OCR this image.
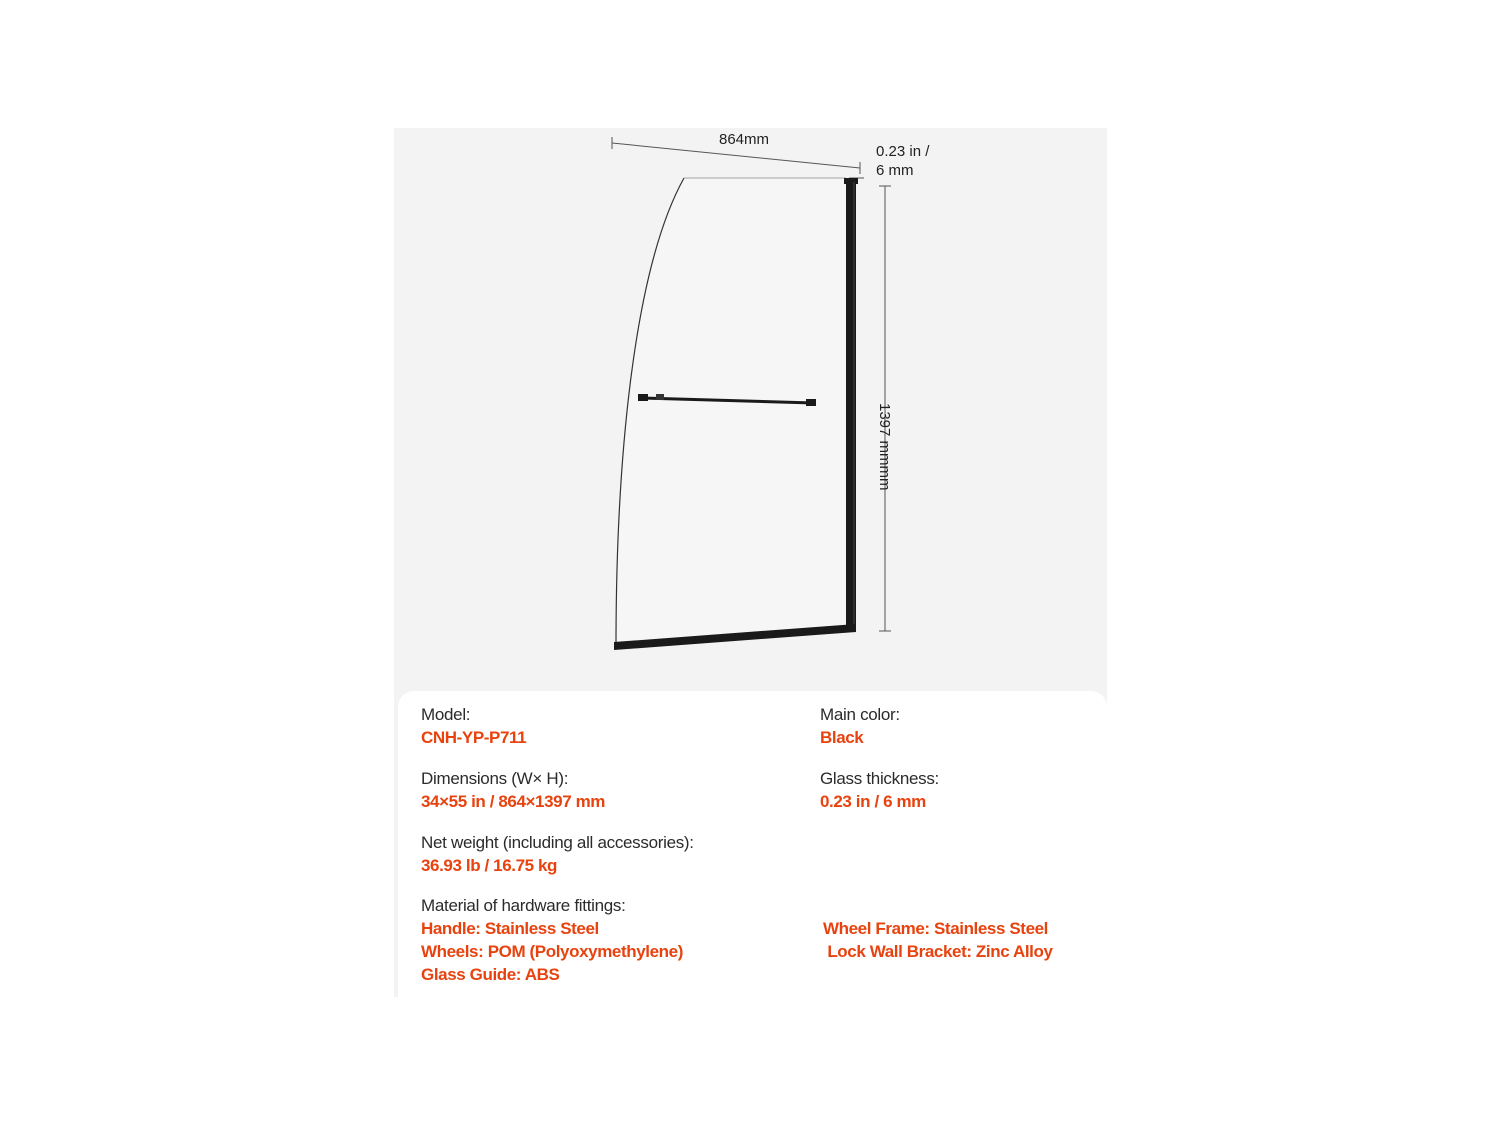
864mm
0.23 in /
6 mm
1397 mmmm
Model:
CNH-YP-P711
Main color:
Black
Dimensions (W× H):
34×55 in / 864×1397 mm
Glass thickness:
0.23 in / 6 mm
Net weight (including all accessories):
36.93 lb / 16.75 kg
Material of hardware fittings:
Handle: Stainless Steel
Wheels: POM (Polyoxymethylene)
Glass Guide: ABS
Wheel Frame: Stainless Steel
Lock Wall Bracket: Zinc Alloy
